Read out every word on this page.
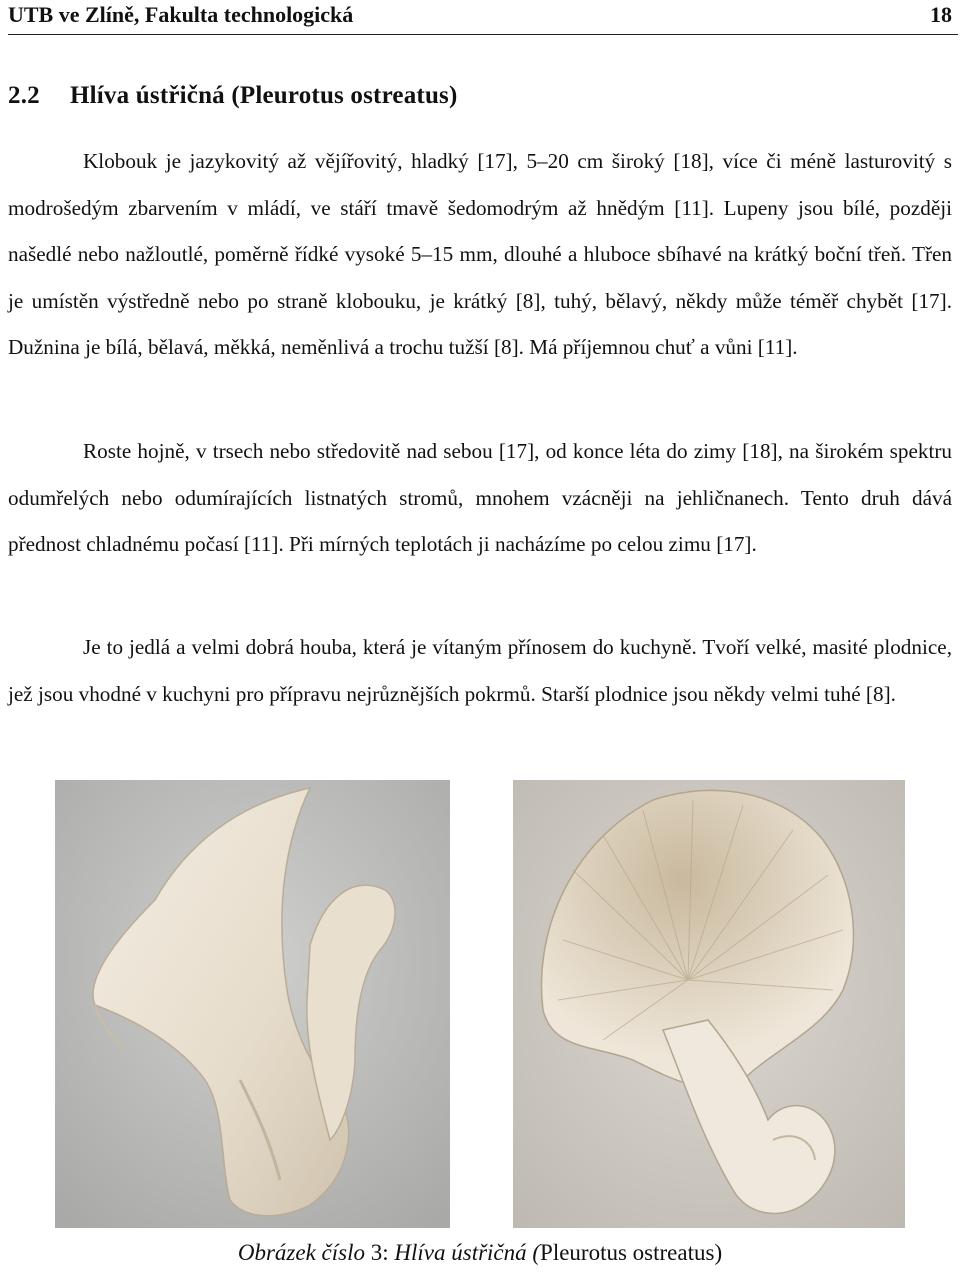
UTB ve Zlíně, Fakulta technologická	18
2.2 Hlíva ústřičná (Pleurotus ostreatus)

Klobouk je jazykovitý až vějířovitý, hladký [17], 5–20 cm široký [18], více či méně lasturovitý s modrošedým zbarvením v mládí, ve stáří tmavě šedomodrým až hnědým [11]. Lupeny jsou bílé, později našedlé nebo nažloutlé, poměrně řídké vysoké 5–15 mm, dlouhé a hluboce sbíhavé na krátký boční třeň. Třen je umístěn výstředně nebo po straně klobouku, je krátký [8], tuhý, bělavý, někdy může téměř chybět [17]. Dužnina je bílá, bělavá, měkká, neměnlivá a trochu tužší [8]. Má příjemnou chuť a vůni [11].

Roste hojně, v trsech nebo středovitě nad sebou [17], od konce léta do zimy [18], na širokém spektru odumřelých nebo odumírajících listnatých stromů, mnohem vzácněji na jehličnanech. Tento druh dává přednost chladnému počasí [11]. Při mírných teplotách ji nacházíme po celou zimu [17].

Je to jedlá a velmi dobrá houba, která je vítaným přínosem do kuchyně. Tvoří velké, masité plodnice, jež jsou vhodné v kuchyni pro přípravu nejrůznějších pokrmů. Starší plodnice jsou někdy velmi tuhé [8].

Obrázek číslo 3: Hlíva ústřičná (Pleurotus ostreatus)
